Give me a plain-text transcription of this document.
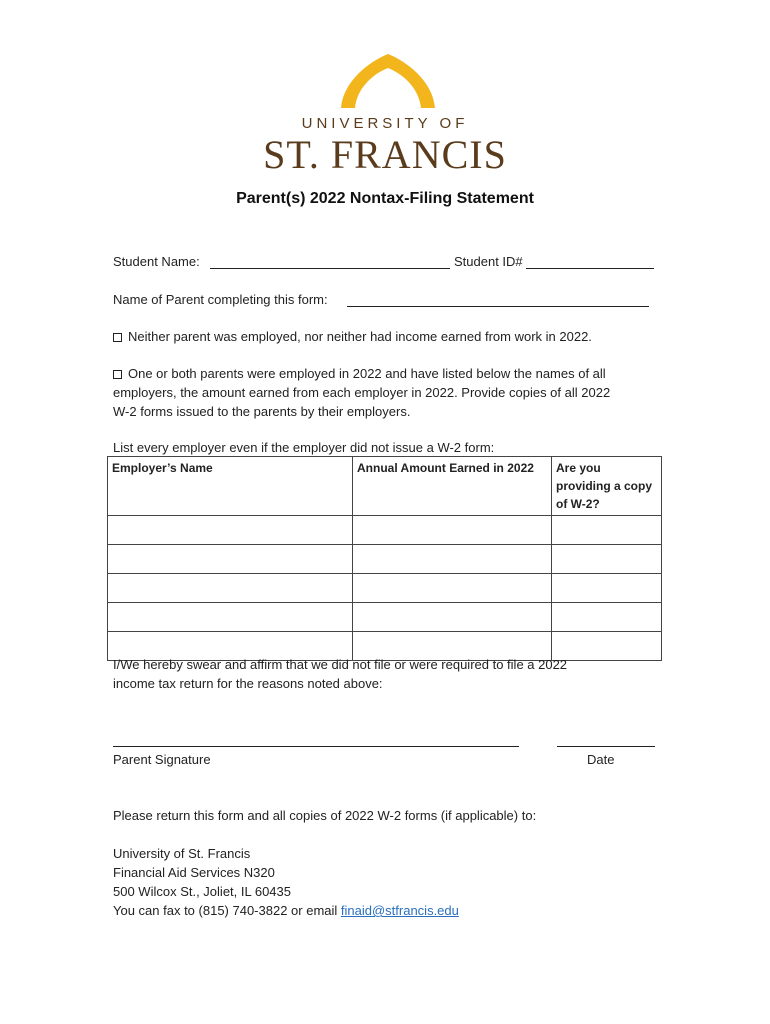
UNIVERSITY OF
ST. FRANCIS
Parent(s) 2022 Nontax-Filing Statement
Student Name:	Student ID#
Name of Parent completing this form:
Neither parent was employed, nor neither had income earned from work in 2022.
One or both parents were employed in 2022 and have listed below the names of all
employers, the amount earned from each employer in 2022. Provide copies of all 2022
W-2 forms issued to the parents by their employers.
List every employer even if the employer did not issue a W-2 form:
Employer’s Name	Annual Amount Earned in 2022	Are you providing a copy of W-2?

I/We hereby swear and affirm that we did not file or were required to file a 2022
income tax return for the reasons noted above:
Parent Signature	Date
Please return this form and all copies of 2022 W-2 forms (if applicable) to:
University of St. Francis
Financial Aid Services N320
500 Wilcox St., Joliet, IL 60435
You can fax to (815) 740-3822 or email finaid@stfrancis.edu
